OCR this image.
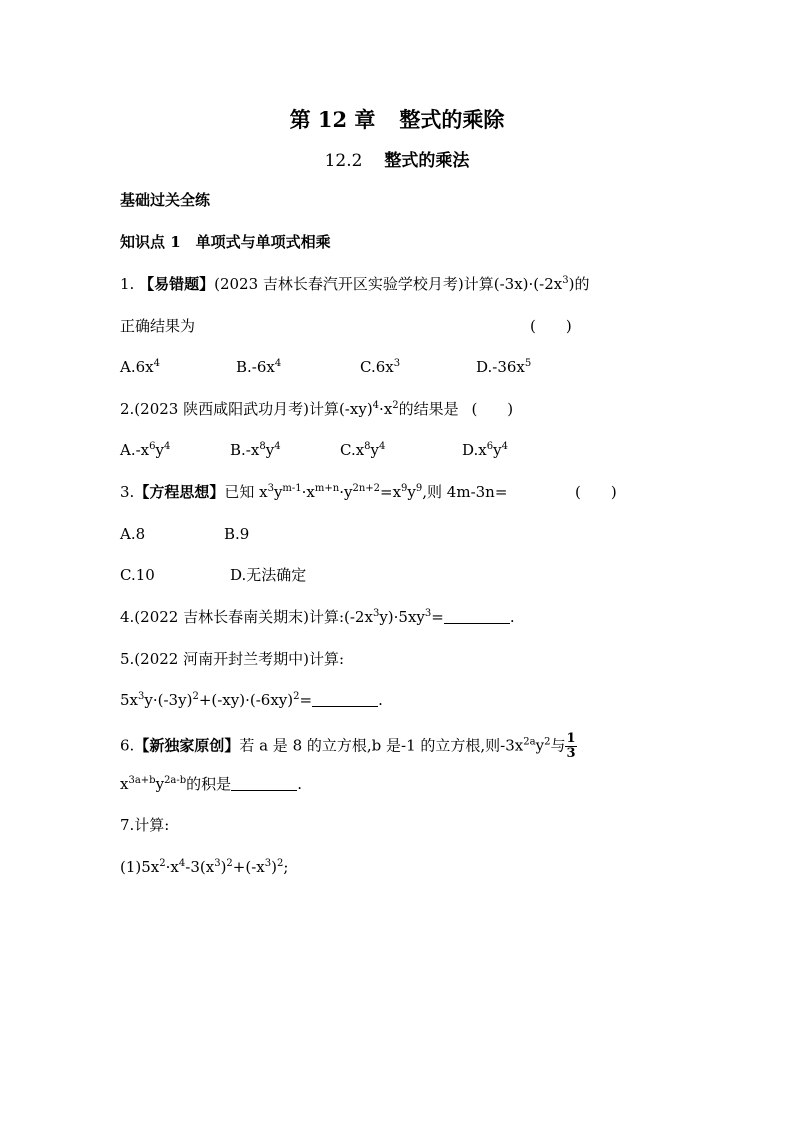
第 12 章 整式的乘除
12.2 整式的乘法
基础过关全练
知识点 1　单项式与单项式相乘
1. 【易错题】(2023 吉林长春汽开区实验学校月考)计算$(-3x)\cdot(-2x^3)$的
正确结果为	(　　)
$A.6x^4$	$B.-6x^4$	$C.6x^3$	$D.-36x^5$
2.(2023 陕西咸阳武功月考)计算$(-xy)^4\cdot x^2$的结果是 (　　)
$A.-x^6y^4$	$B.-x^8y^4$	$C.x^8y^4$	$D.x^6y^4$
3.【方程思想】已知 $x^3y^{m-1}\cdot x^{m+n}\cdot y^{2n+2}=x^9y^9$,则 4m-3n=	(　　)
A.8	B.9
C.10	D.无法确定
4.(2022 吉林长春南关期末)计算$:(-2x^3y)\cdot 5xy^3=$	.
5.(2022 河南开封兰考期中)计算:
$5x^3y\cdot(-3y)^2+(-xy)\cdot(-6xy)^2=$	.
6.【新独家原创】若 a 是 8 的立方根,b 是-1 的立方根,则$-3x^{2a}y^2$与 $\frac{1}{3}$
$x^{3a+b}y^{2a-b}$的积是	.
7.计算:
$(1)5x^2\cdot x^4-3(x^3)^2+(-x^3)^2$;
